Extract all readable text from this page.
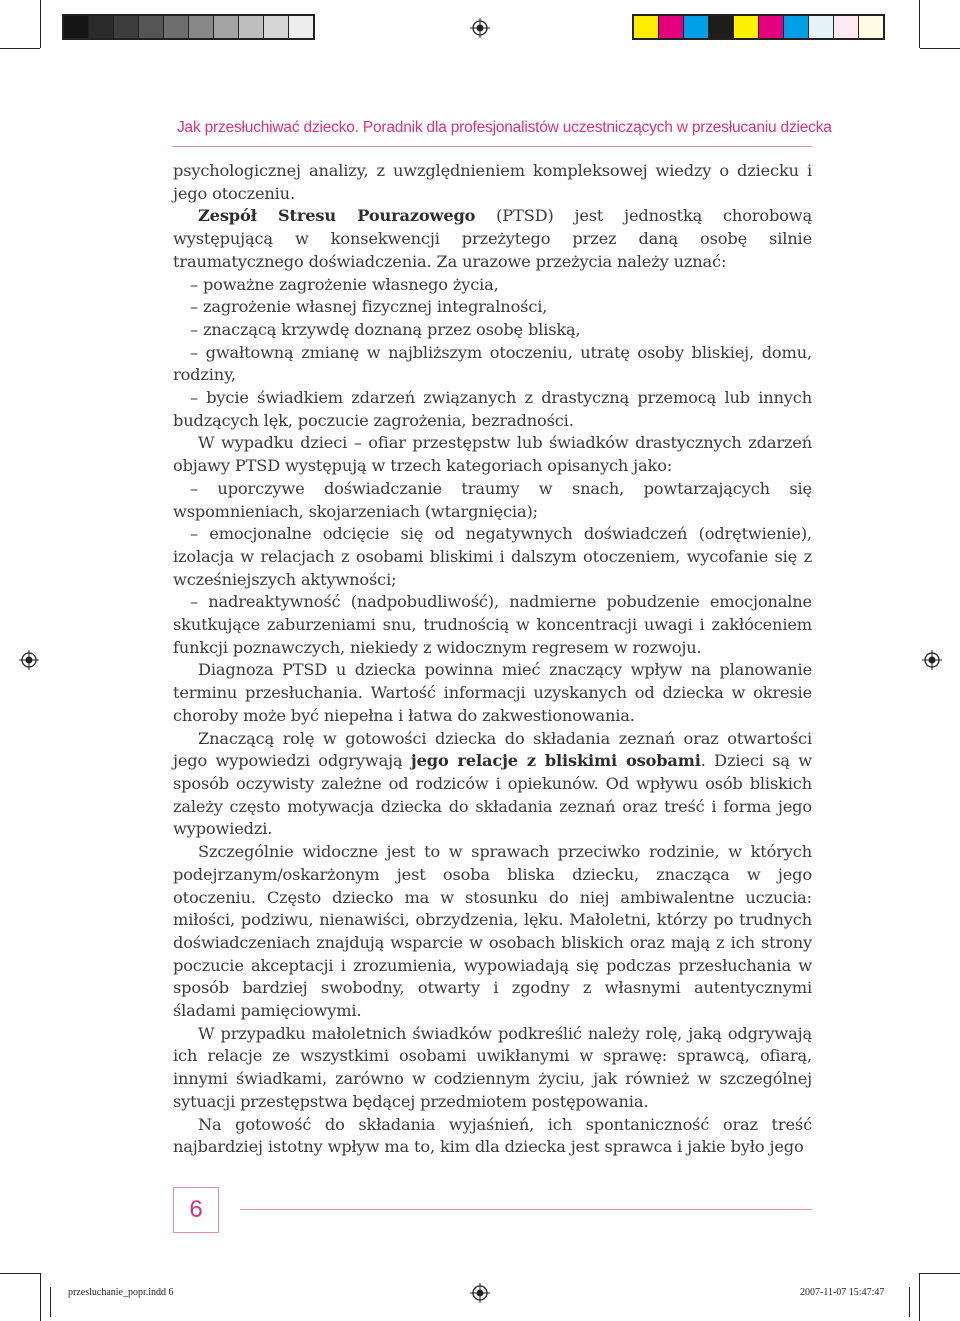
Jak przesłuchiwać dziecko. Poradnik dla profesjonalistów uczestniczących w przesłucaniu dziecka

psychologicznej analizy, z uwzględnieniem kompleksowej wiedzy o dziecku i jego otoczeniu.

Zespół Stresu Pourazowego (PTSD) jest jednostką chorobową występującą w konsekwencji przeżytego przez daną osobę silnie traumatycznego doświadczenia. Za urazowe przeżycia należy uznać:

– poważne zagrożenie własnego życia,

– zagrożenie własnej fizycznej integralności,

– znaczącą krzywdę doznaną przez osobę bliską,

– gwałtowną zmianę w najbliższym otoczeniu, utratę osoby bliskiej, domu, rodziny,

– bycie świadkiem zdarzeń związanych z drastyczną przemocą lub innych budzących lęk, poczucie zagrożenia, bezradności.

W wypadku dzieci – ofiar przestępstw lub świadków drastycznych zdarzeń objawy PTSD występują w trzech kategoriach opisanych jako:

– uporczywe doświadczanie traumy w snach, powtarzających się wspomnieniach, skojarzeniach (wtargnięcia);

– emocjonalne odcięcie się od negatywnych doświadczeń (odrętwienie), izolacja w relacjach z osobami bliskimi i dalszym otoczeniem, wycofanie się z wcześniejszych aktywności;

– nadreaktywność (nadpobudliwość), nadmierne pobudzenie emocjonalne skutkujące zaburzeniami snu, trudnością w koncentracji uwagi i zakłóceniem funkcji poznawczych, niekiedy z widocznym regresem w rozwoju.

Diagnoza PTSD u dziecka powinna mieć znaczący wpływ na planowanie terminu przesłuchania. Wartość informacji uzyskanych od dziecka w okresie choroby może być niepełna i łatwa do zakwestionowania.

Znaczącą rolę w gotowości dziecka do składania zeznań oraz otwartości jego wypowiedzi odgrywają jego relacje z bliskimi osobami. Dzieci są w sposób oczywisty zależne od rodziców i opiekunów. Od wpływu osób bliskich zależy często motywacja dziecka do składania zeznań oraz treść i forma jego wypowiedzi.

Szczególnie widoczne jest to w sprawach przeciwko rodzinie, w których podejrzanym/oskarżonym jest osoba bliska dziecku, znacząca w jego otoczeniu. Często dziecko ma w stosunku do niej ambiwalentne uczucia: miłości, podziwu, nienawiści, obrzydzenia, lęku. Małoletni, którzy po trudnych doświadczeniach znajdują wsparcie w osobach bliskich oraz mają z ich strony poczucie akceptacji i zrozumienia, wypowiadają się podczas przesłuchania w sposób bardziej swobodny, otwarty i zgodny z własnymi autentycznymi śladami pamięciowymi.

W przypadku małoletnich świadków podkreślić należy rolę, jaką odgrywają ich relacje ze wszystkimi osobami uwikłanymi w sprawę: sprawcą, ofiarą, innymi świadkami, zarówno w codziennym życiu, jak również w szczególnej sytuacji przestępstwa będącej przedmiotem postępowania.

Na gotowość do składania wyjaśnień, ich spontaniczność oraz treść najbardziej istotny wpływ ma to, kim dla dziecka jest sprawca i jakie było jego

6
przesluchanie_popr.indd 6	2007-11-07 15:47:47
